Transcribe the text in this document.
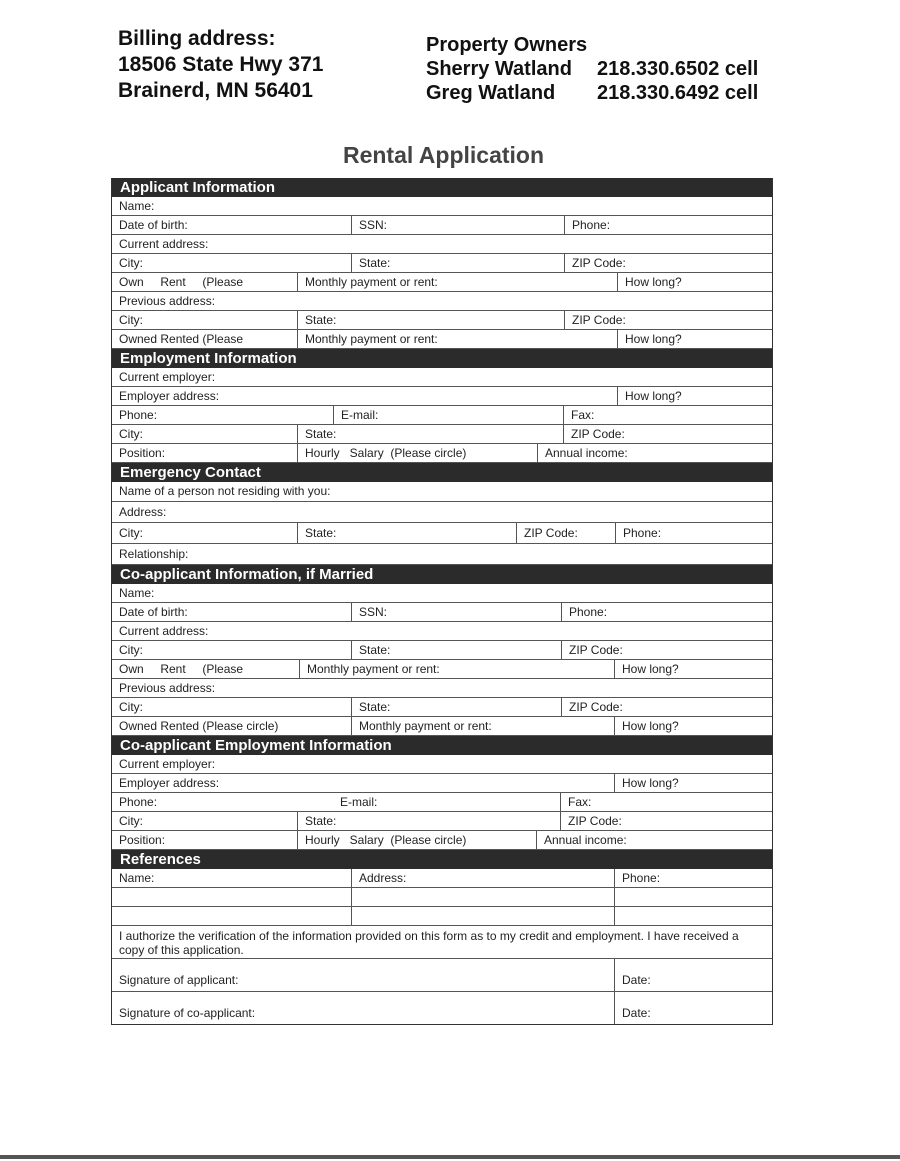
Billing address:
18506 State Hwy 371
Brainerd, MN 56401
Property Owners
Sherry Watland 218.330.6502 cell
Greg Watland 218.330.6492 cell
Rental Application
Applicant Information
Name:
Date of birth:	SSN:	Phone:
Current address:
City:	State:	ZIP Code:
Own     Rent     (Please	Monthly payment or rent:	How long?
Previous address:
City:	State:	ZIP Code:
Owned Rented (Please	Monthly payment or rent:	How long?
Employment Information
Current employer:
Employer address:	How long?
Phone:	E-mail:	Fax:
City:	State:	ZIP Code:
Position:	Hourly   Salary  (Please circle)	Annual income:
Emergency Contact
Name of a person not residing with you:
Address:
City:	State:	ZIP Code:	Phone:
Relationship:
Co-applicant Information, if Married
Name:
Date of birth:	SSN:	Phone:
Current address:
City:	State:	ZIP Code:
Own     Rent     (Please	Monthly payment or rent:	How long?
Previous address:
City:	State:	ZIP Code:
Owned Rented (Please circle)	Monthly payment or rent:	How long?
Co-applicant Employment Information
Current employer:
Employer address:	How long?
Phone:	E-mail:	Fax:
City:	State:	ZIP Code:
Position:	Hourly   Salary  (Please circle)	Annual income:
References
Name:	Address:	Phone:
I authorize the verification of the information provided on this form as to my credit and employment. I have received a copy of this application.
Signature of applicant:	Date:
Signature of co-applicant:	Date:
